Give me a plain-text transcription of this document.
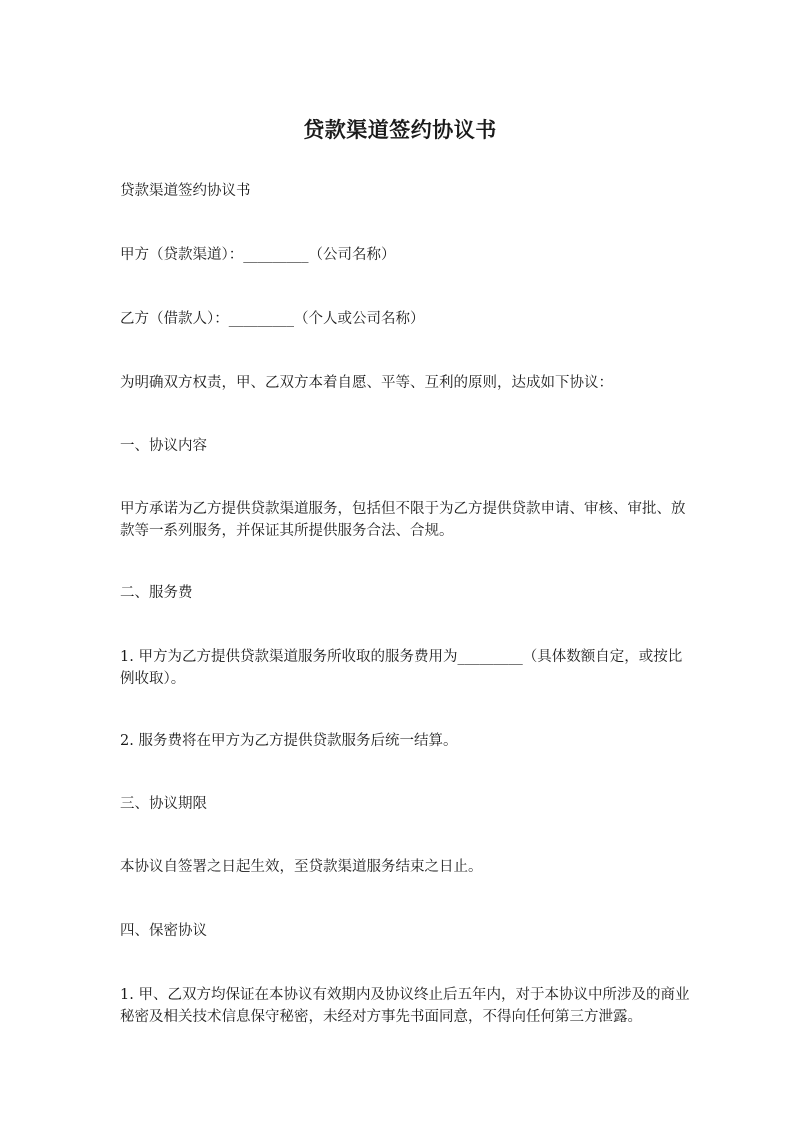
贷款渠道签约协议书
贷款渠道签约协议书
甲方（贷款渠道）：_________（公司名称）
乙方（借款人）：_________（个人或公司名称）
为明确双方权责，甲、乙双方本着自愿、平等、互利的原则，达成如下协议：
一、协议内容
甲方承诺为乙方提供贷款渠道服务，包括但不限于为乙方提供贷款申请、审核、审批、放款等一系列服务，并保证其所提供服务合法、合规。
二、服务费
1. 甲方为乙方提供贷款渠道服务所收取的服务费用为_________（具体数额自定，或按比例收取）。
2. 服务费将在甲方为乙方提供贷款服务后统一结算。
三、协议期限
本协议自签署之日起生效，至贷款渠道服务结束之日止。
四、保密协议
1. 甲、乙双方均保证在本协议有效期内及协议终止后五年内，对于本协议中所涉及的商业秘密及相关技术信息保守秘密，未经对方事先书面同意，不得向任何第三方泄露。
